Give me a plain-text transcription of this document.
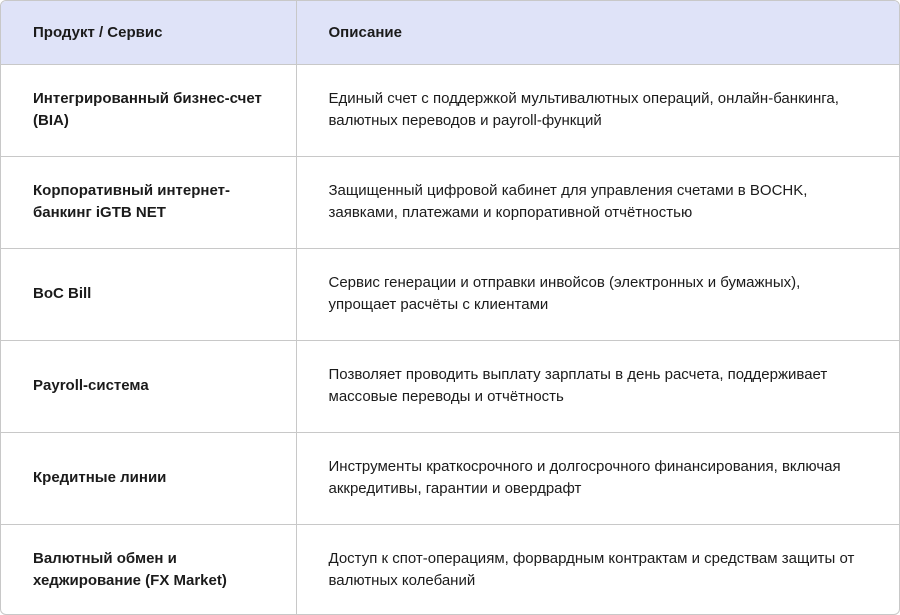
Продукт / Сервис	Описание
Интегрированный бизнес-счет (BIA)	Единый счет с поддержкой мультивалютных операций, онлайн-банкинга, валютных переводов и payroll-функций
Корпоративный интернет-банкинг iGTB NET	Защищенный цифровой кабинет для управления счетами в BOCHK, заявками, платежами и корпоративной отчётностью
BoC Bill	Сервис генерации и отправки инвойсов (электронных и бумажных), упрощает расчёты с клиентами
Payroll-система	Позволяет проводить выплату зарплаты в день расчета, поддерживает массовые переводы и отчётность
Кредитные линии	Инструменты краткосрочного и долгосрочного финансирования, включая аккредитивы, гарантии и овердрафт
Валютный обмен и хеджирование (FX Market)	Доступ к спот-операциям, форвардным контрактам и средствам защиты от валютных колебаний
